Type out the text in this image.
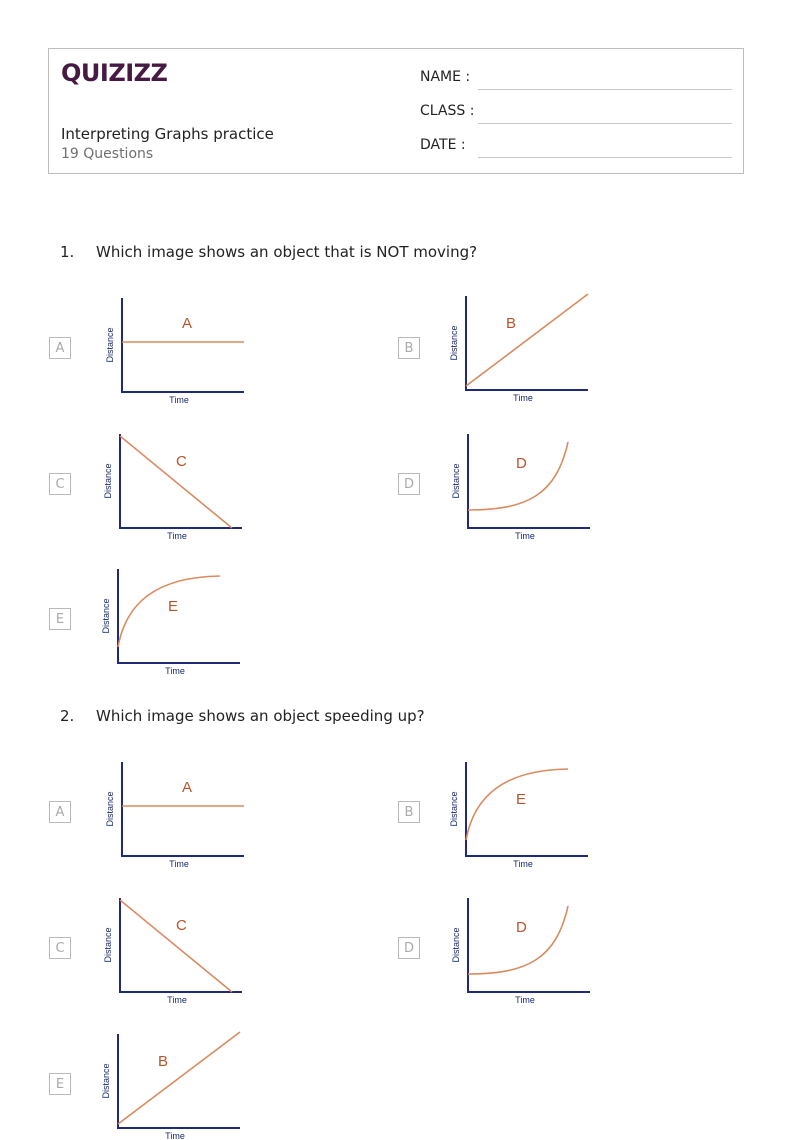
QUIZIZZ
Interpreting Graphs practice
19 Questions
NAME :
CLASS :
DATE :
1. Which image shows an object that is NOT moving?
A
A
Time
Distance	B
B
Time
Distance
C
C
Time
Distance	D
D
Time
Distance
E
E
Time
Distance
2. Which image shows an object speeding up?
A
A
Time
Distance	B
E
Time
Distance
C
C
Time
Distance	D
D
Time
Distance
E
B
Time
Distance
